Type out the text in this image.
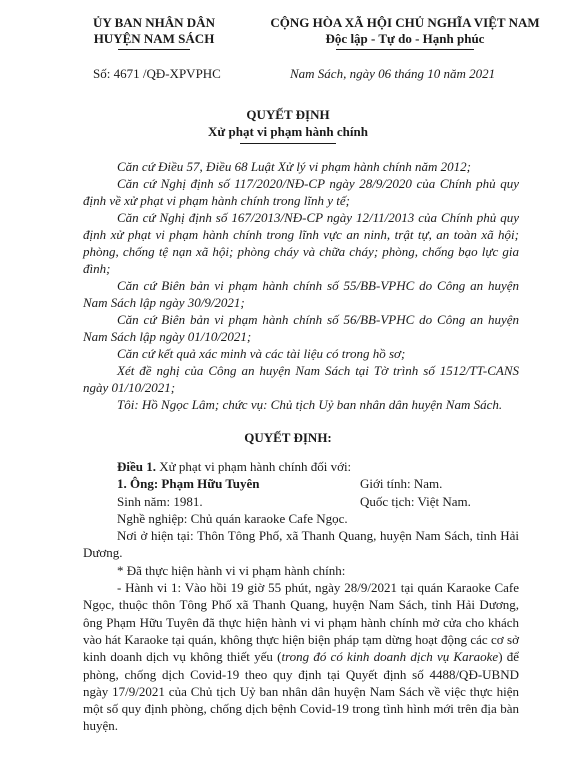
ỦY BAN NHÂN DÂN
HUYỆN NAM SÁCH
CỘNG HÒA XÃ HỘI CHỦ NGHĨA VIỆT NAM
Độc lập - Tự do - Hạnh phúc
Số: 4671 /QĐ-XPVPHC	Nam Sách, ngày 06 tháng 10 năm 2021
QUYẾT ĐỊNH
Xử phạt vi phạm hành chính

Căn cứ Điều 57, Điều 68 Luật Xử lý vi phạm hành chính năm 2012;

Căn cứ Nghị định số 117/2020/NĐ-CP ngày 28/9/2020 của Chính phủ quy định về xử phạt vi phạm hành chính trong lĩnh y tế;

Căn cứ Nghị định số 167/2013/NĐ-CP ngày 12/11/2013 của Chính phủ quy định xử phạt vi phạm hành chính trong lĩnh vực an ninh, trật tự, an toàn xã hội; phòng, chống tệ nạn xã hội; phòng cháy và chữa cháy; phòng, chống bạo lực gia đình;

Căn cứ Biên bản vi phạm hành chính số 55/BB-VPHC do Công an huyện Nam Sách lập ngày 30/9/2021;

Căn cứ Biên bản vi phạm hành chính số 56/BB-VPHC do Công an huyện Nam Sách lập ngày 01/10/2021;

Căn cứ kết quả xác minh và các tài liệu có trong hồ sơ;

Xét đề nghị của Công an huyện Nam Sách tại Tờ trình số 1512/TT-CANS ngày 01/10/2021;

Tôi: Hồ Ngọc Lâm; chức vụ: Chủ tịch Uỷ ban nhân dân huyện Nam Sách.

QUYẾT ĐỊNH:

Điều 1. Xử phạt vi phạm hành chính đối với:

1. Ông: Phạm Hữu Tuyên	Giới tính: Nam.

Sinh năm: 1981.	Quốc tịch: Việt Nam.

Nghề nghiệp: Chủ quán karaoke Cafe Ngọc.

Nơi ở hiện tại: Thôn Tông Phố, xã Thanh Quang, huyện Nam Sách, tỉnh Hải Dương.

* Đã thực hiện hành vi vi phạm hành chính:

- Hành vi 1: Vào hồi 19 giờ 55 phút, ngày 28/9/2021 tại quán Karaoke Cafe Ngọc, thuộc thôn Tông Phố xã Thanh Quang, huyện Nam Sách, tỉnh Hải Dương, ông Phạm Hữu Tuyên đã thực hiện hành vi vi phạm hành chính mở cửa cho khách vào hát Karaoke tại quán, không thực hiện biện pháp tạm dừng hoạt động các cơ sở kinh doanh dịch vụ không thiết yếu (trong đó có kinh doanh dịch vụ Karaoke) để phòng, chống dịch Covid-19 theo quy định tại Quyết định số 4488/QĐ-UBND ngày 17/9/2021 của Chủ tịch Uỷ ban nhân dân huyện Nam Sách về việc thực hiện một số quy định phòng, chống dịch bệnh Covid-19 trong tình hình mới trên địa bàn huyện.
